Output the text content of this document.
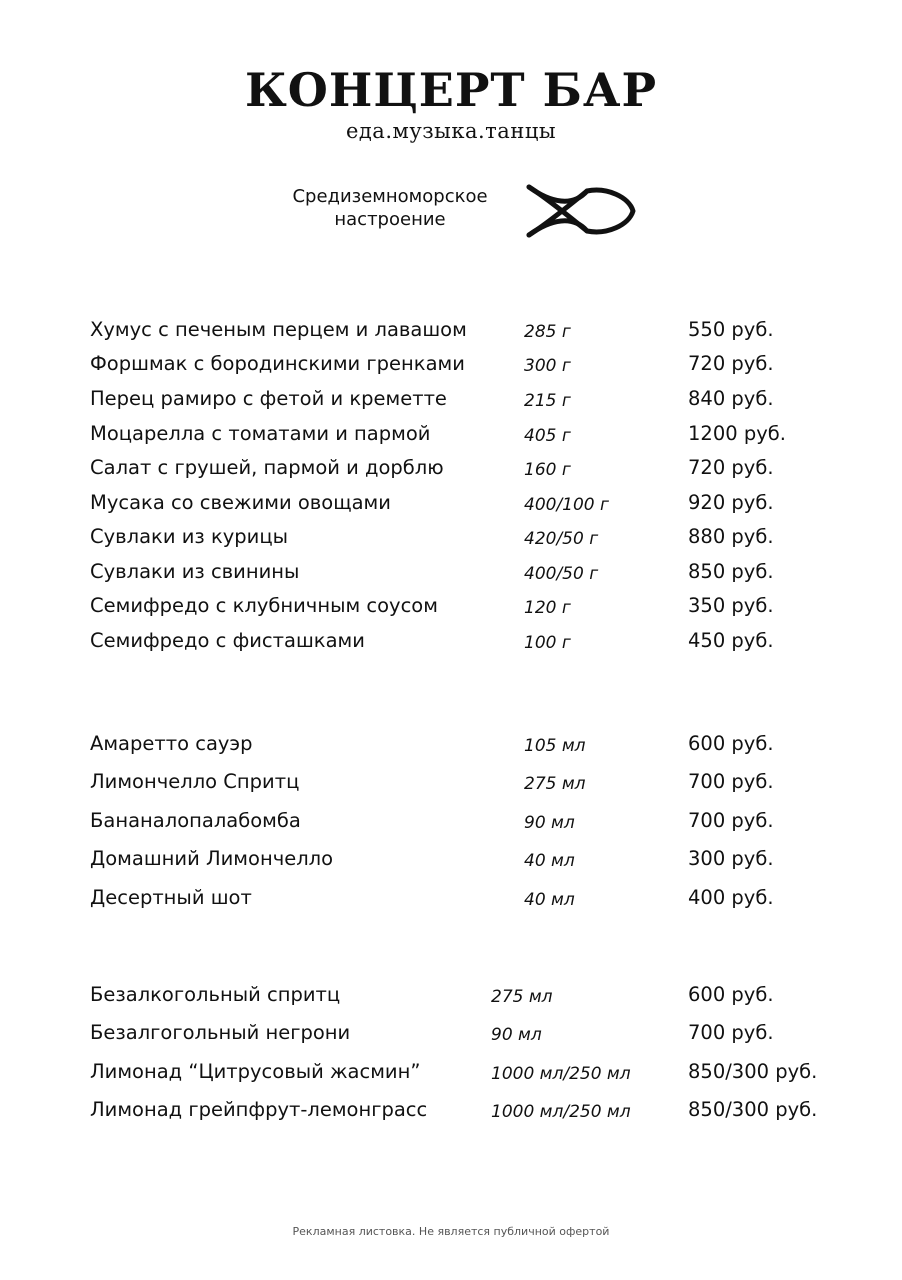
КОНЦЕРТ БАР
еда.музыка.танцы
Средиземноморское
настроение
Хумус с печеным перцем и лавашом	285 г	550 руб.
Форшмак с бородинскими гренками	300 г	720 руб.
Перец рамиро с фетой и креметте	215 г	840 руб.
Моцарелла с томатами и пармой	405 г	1200 руб.
Салат с грушей, пармой и дорблю	160 г	720 руб.
Мусака со свежими овощами	400/100 г	920 руб.
Сувлаки из курицы	420/50 г	880 руб.
Сувлаки из свинины	400/50 г	850 руб.
Семифредо с клубничным соусом	120 г	350 руб.
Семифредо с фисташками	100 г	450 руб.
Амаретто сауэр	105 мл	600 руб.
Лимончелло Спритц	275 мл	700 руб.
Бананалопалабомба	90 мл	700 руб.
Домашний Лимончелло	40 мл	300 руб.
Десертный шот	40 мл	400 руб.
Безалкогольный спритц	275 мл	600 руб.
Безалгогольный негрони	90 мл	700 руб.
Лимонад “Цитрусовый жасмин”	1000 мл/250 мл	850/300 руб.
Лимонад грейпфрут-лемонграсс	1000 мл/250 мл	850/300 руб.
Рекламная листовка. Не является публичной офертой
